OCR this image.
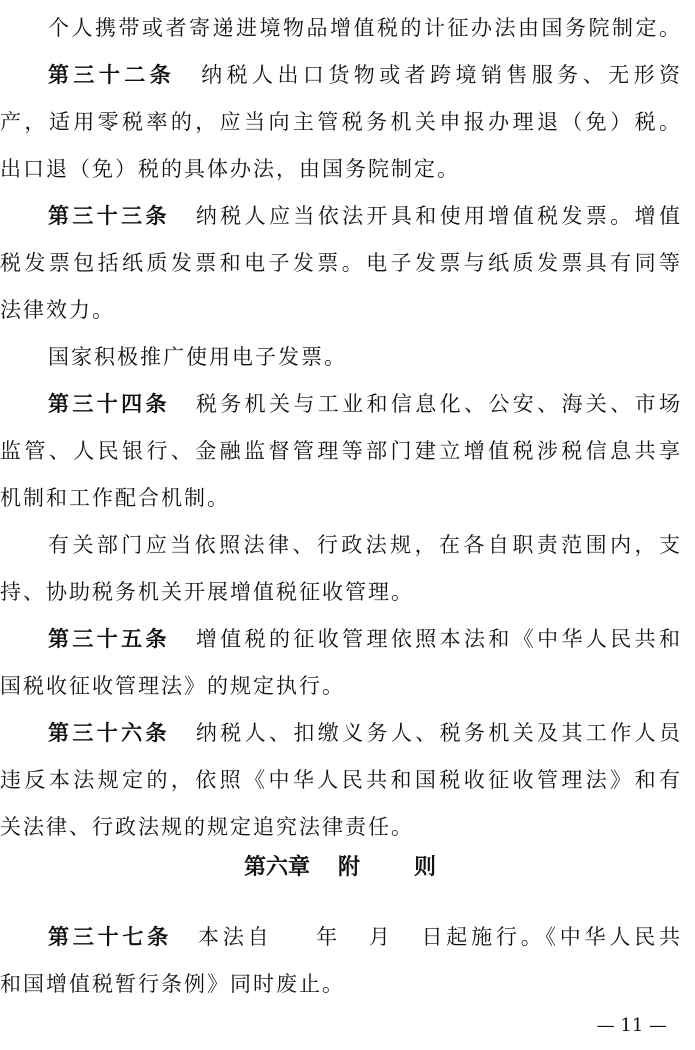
个人携带或者寄递进境物品增值税的计征办法由国务院制定。
第三十二条 纳税人出口货物或者跨境销售服务、无形资
产，适用零税率的，应当向主管税务机关申报办理退（免）税。
出口退（免）税的具体办法，由国务院制定。
第三十三条 纳税人应当依法开具和使用增值税发票。增值
税发票包括纸质发票和电子发票。电子发票与纸质发票具有同等
法律效力。
国家积极推广使用电子发票。
第三十四条 税务机关与工业和信息化、公安、海关、市场
监管、人民银行、金融监督管理等部门建立增值税涉税信息共享
机制和工作配合机制。
有关部门应当依照法律、行政法规，在各自职责范围内，支
持、协助税务机关开展增值税征收管理。
第三十五条 增值税的征收管理依照本法和《中华人民共和
国税收征收管理法》的规定执行。
第三十六条 纳税人、扣缴义务人、税务机关及其工作人员
违反本法规定的，依照《中华人民共和国税收征收管理法》和有
关法律、行政法规的规定追究法律责任。
第六章 附 则
第三十七条 本法自 年 月 日起施行。《中华人民共
和国增值税暂行条例》同时废止。
— 11 —
